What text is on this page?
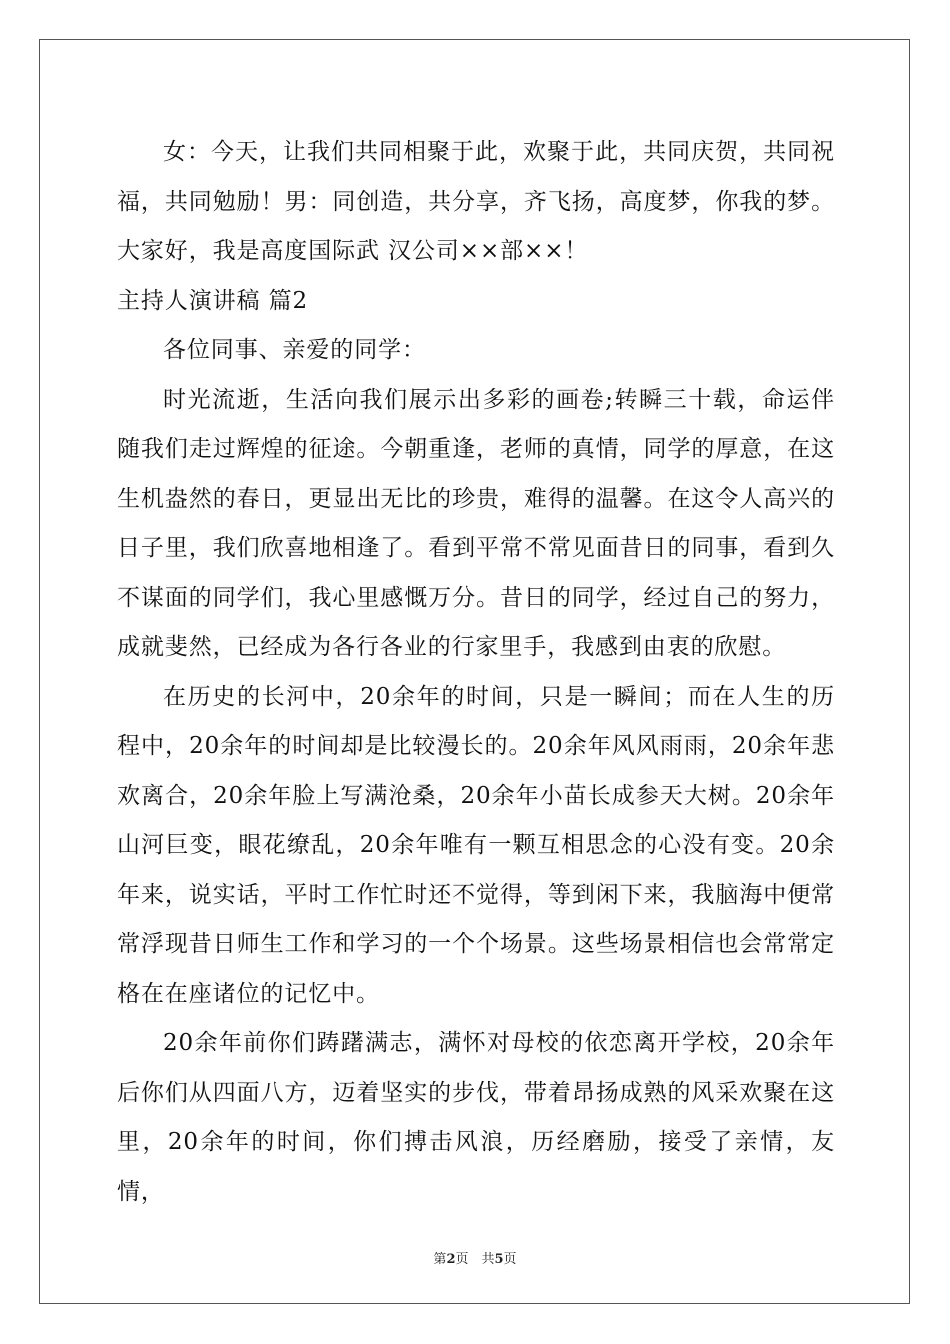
女：今天，让我们共同相聚于此，欢聚于此，共同庆贺，共同祝福，共同勉励！男：同创造，共分享，齐飞扬，高度梦，你我的梦。大家好，我是高度国际武 汉公司××部××！

主持人演讲稿 篇2

各位同事、亲爱的同学：

时光流逝，生活向我们展示出多彩的画卷;转瞬三十载，命运伴随我们走过辉煌的征途。今朝重逢，老师的真情，同学的厚意，在这生机盎然的春日，更显出无比的珍贵，难得的温馨。在这令人高兴的日子里，我们欣喜地相逢了。看到平常不常见面昔日的同事，看到久不谋面的同学们，我心里感慨万分。昔日的同学，经过自己的努力，成就斐然，已经成为各行各业的行家里手，我感到由衷的欣慰。

在历史的长河中，20余年的时间，只是一瞬间；而在人生的历程中，20余年的时间却是比较漫长的。20余年风风雨雨，20余年悲欢离合，20余年脸上写满沧桑，20余年小苗长成参天大树。20余年山河巨变，眼花缭乱，20余年唯有一颗互相思念的心没有变。20余年来，说实话，平时工作忙时还不觉得，等到闲下来，我脑海中便常常浮现昔日师生工作和学习的一个个场景。这些场景相信也会常常定格在在座诸位的记忆中。

20余年前你们踌躇满志，满怀对母校的依恋离开学校，20余年后你们从四面八方，迈着坚实的步伐，带着昂扬成熟的风采欢聚在这里，20余年的时间，你们搏击风浪，历经磨励，接受了亲情，友情，

第2页　共5页
